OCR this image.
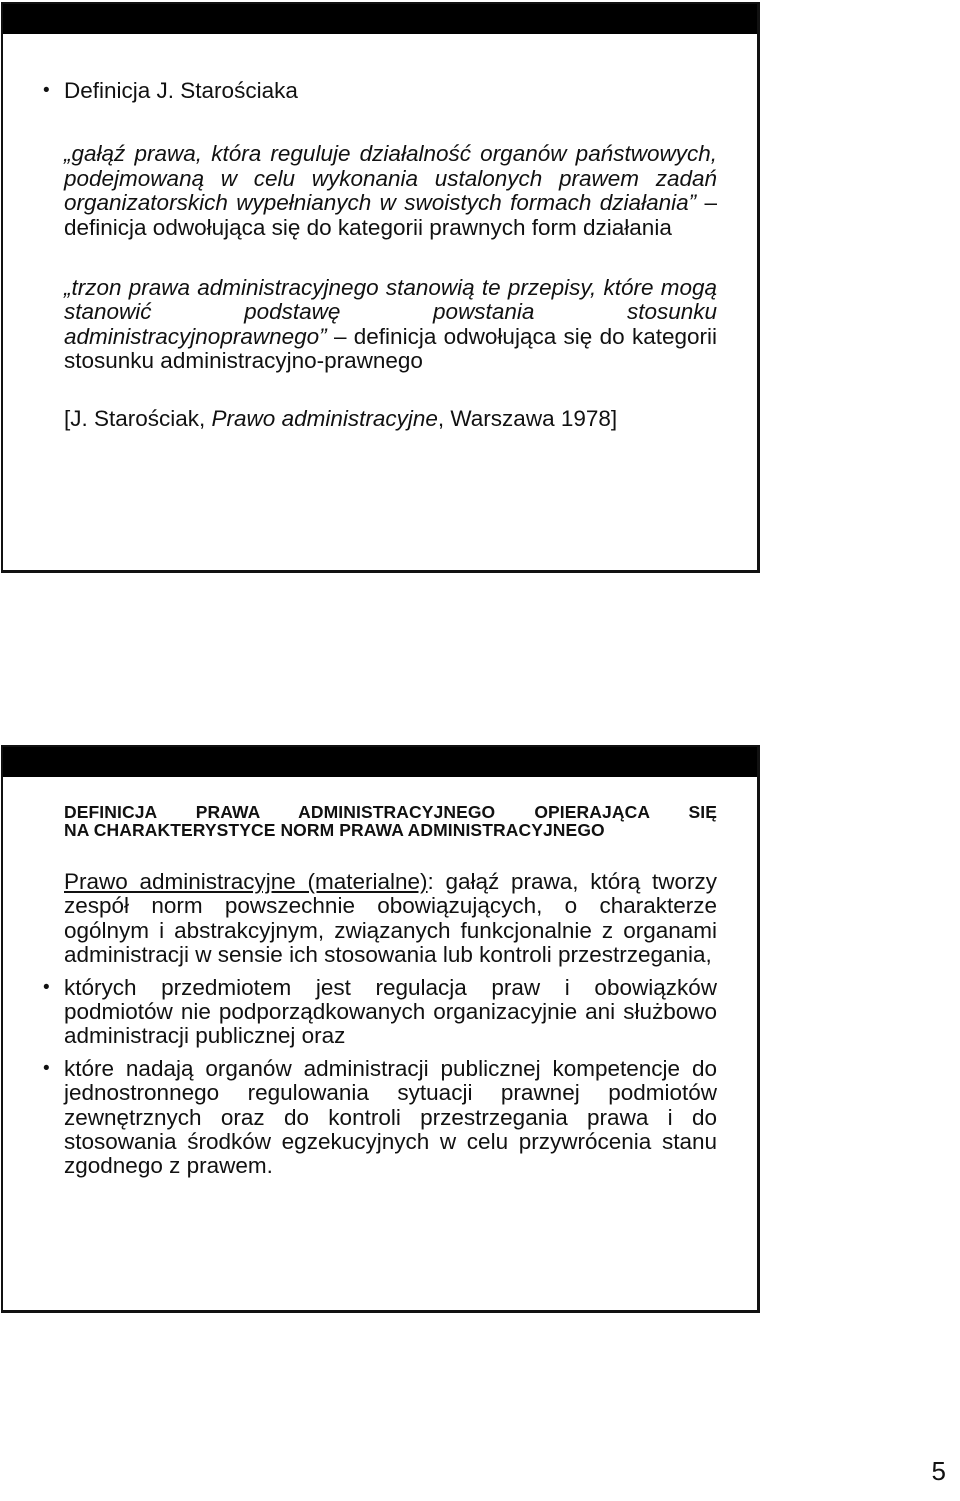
• Definicja J. Starościaka
„gałąź prawa, która reguluje działalność organów państwowych, podejmowaną w celu wykonania ustalonych prawem zadań organizatorskich wypełnianych w swoistych formach działania” – definicja odwołująca się do kategorii prawnych form działania
„trzon prawa administracyjnego stanowią te przepisy, które mogą stanowić podstawę powstania stosunku administracyjnoprawnego” – definicja odwołująca się do kategorii stosunku administracyjno-prawnego
[J. Starościak, Prawo administracyjne, Warszawa 1978]
DEFINICJA PRAWA ADMINISTRACYJNEGO OPIERAJĄCA SIĘ
NA CHARAKTERYSTYCE NORM PRAWA ADMINISTRACYJNEGO
Prawo administracyjne (materialne): gałąź prawa, którą tworzy zespół norm powszechnie obowiązujących, o charakterze ogólnym i abstrakcyjnym, związanych funkcjonalnie z organami administracji w sensie ich stosowania lub kontroli przestrzegania,
• których przedmiotem jest regulacja praw i obowiązków podmiotów nie podporządkowanych organizacyjnie ani służbowo administracji publicznej oraz
• które nadają organów administracji publicznej kompetencje do jednostronnego regulowania sytuacji prawnej podmiotów zewnętrznych oraz do kontroli przestrzegania prawa i do stosowania środków egzekucyjnych w celu przywrócenia stanu zgodnego z prawem.
5
